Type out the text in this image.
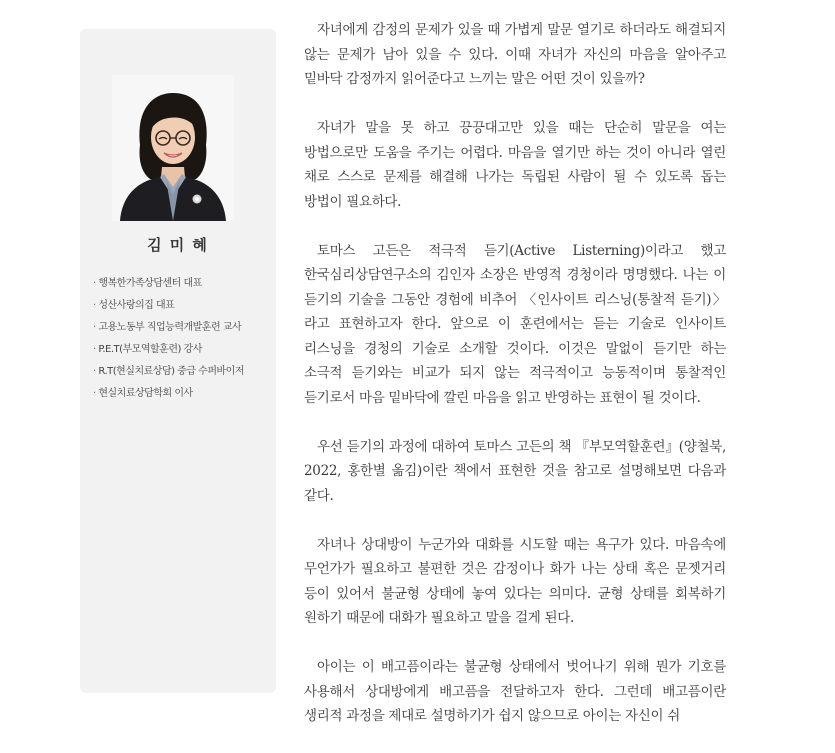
김 미 혜
· 행복한가족상담센터 대표
· 성산사랑의집 대표
· 고용노동부 직업능력개발훈련 교사
· P.E.T(부모역할훈련) 강사
· R.T(현실치료상담) 중급 수퍼바이저
· 현실치료상담학회 이사

자녀에게 감정의 문제가 있을 때 가볍게 말문 열기로 하더라도 해결되지 않는 문제가 남아 있을 수 있다. 이때 자녀가 자신의 마음을 알아주고 밑바닥 감정까지 읽어준다고 느끼는 말은 어떤 것이 있을까?

자녀가 말을 못 하고 끙끙대고만 있을 때는 단순히 말문을 여는 방법으로만 도움을 주기는 어렵다. 마음을 열기만 하는 것이 아니라 열린 채로 스스로 문제를 해결해 나가는 독립된 사람이 될 수 있도록 돕는 방법이 필요하다.

토마스 고든은 적극적 듣기(Active Listerning)이라고 했고 한국심리상담연구소의 김인자 소장은 반영적 경청이라 명명했다. 나는 이 듣기의 기술을 그동안 경험에 비추어 〈인사이트 리스닝(통찰적 듣기)〉라고 표현하고자 한다. 앞으로 이 훈련에서는 듣는 기술로 인사이트 리스닝을 경청의 기술로 소개할 것이다. 이것은 말없이 듣기만 하는 소극적 듣기와는 비교가 되지 않는 적극적이고 능동적이며 통찰적인 듣기로서 마음 밑바닥에 깔린 마음을 읽고 반영하는 표현이 될 것이다.

우선 듣기의 과정에 대하여 토마스 고든의 책 『부모역할훈련』(양철북, 2022, 홍한별 옮김)이란 책에서 표현한 것을 참고로 설명해보면 다음과 같다.

자녀나 상대방이 누군가와 대화를 시도할 때는 욕구가 있다. 마음속에 무언가가 필요하고 불편한 것은 감정이나 화가 나는 상태 혹은 문젯거리 등이 있어서 불균형 상태에 놓여 있다는 의미다. 균형 상태를 회복하기 원하기 때문에 대화가 필요하고 말을 걸게 된다.

아이는 이 배고픔이라는 불균형 상태에서 벗어나기 위해 뭔가 기호를 사용해서 상대방에게 배고픔을 전달하고자 한다. 그런데 배고픔이란 생리적 과정을 제대로 설명하기가 쉽지 않으므로 아이는 자신이 쉬
